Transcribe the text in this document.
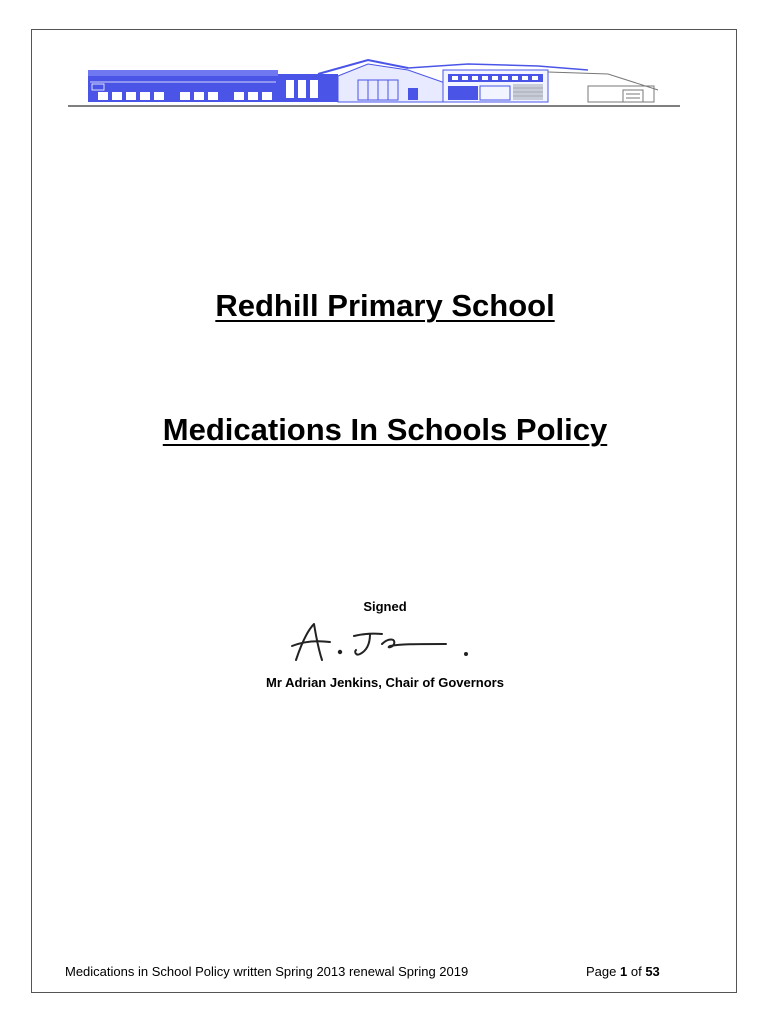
Redhill Primary School
Medications In Schools Policy
Signed
Mr Adrian Jenkins, Chair of Governors
Medications in School Policy written Spring 2013 renewal Spring 2019	Page 1 of 53
